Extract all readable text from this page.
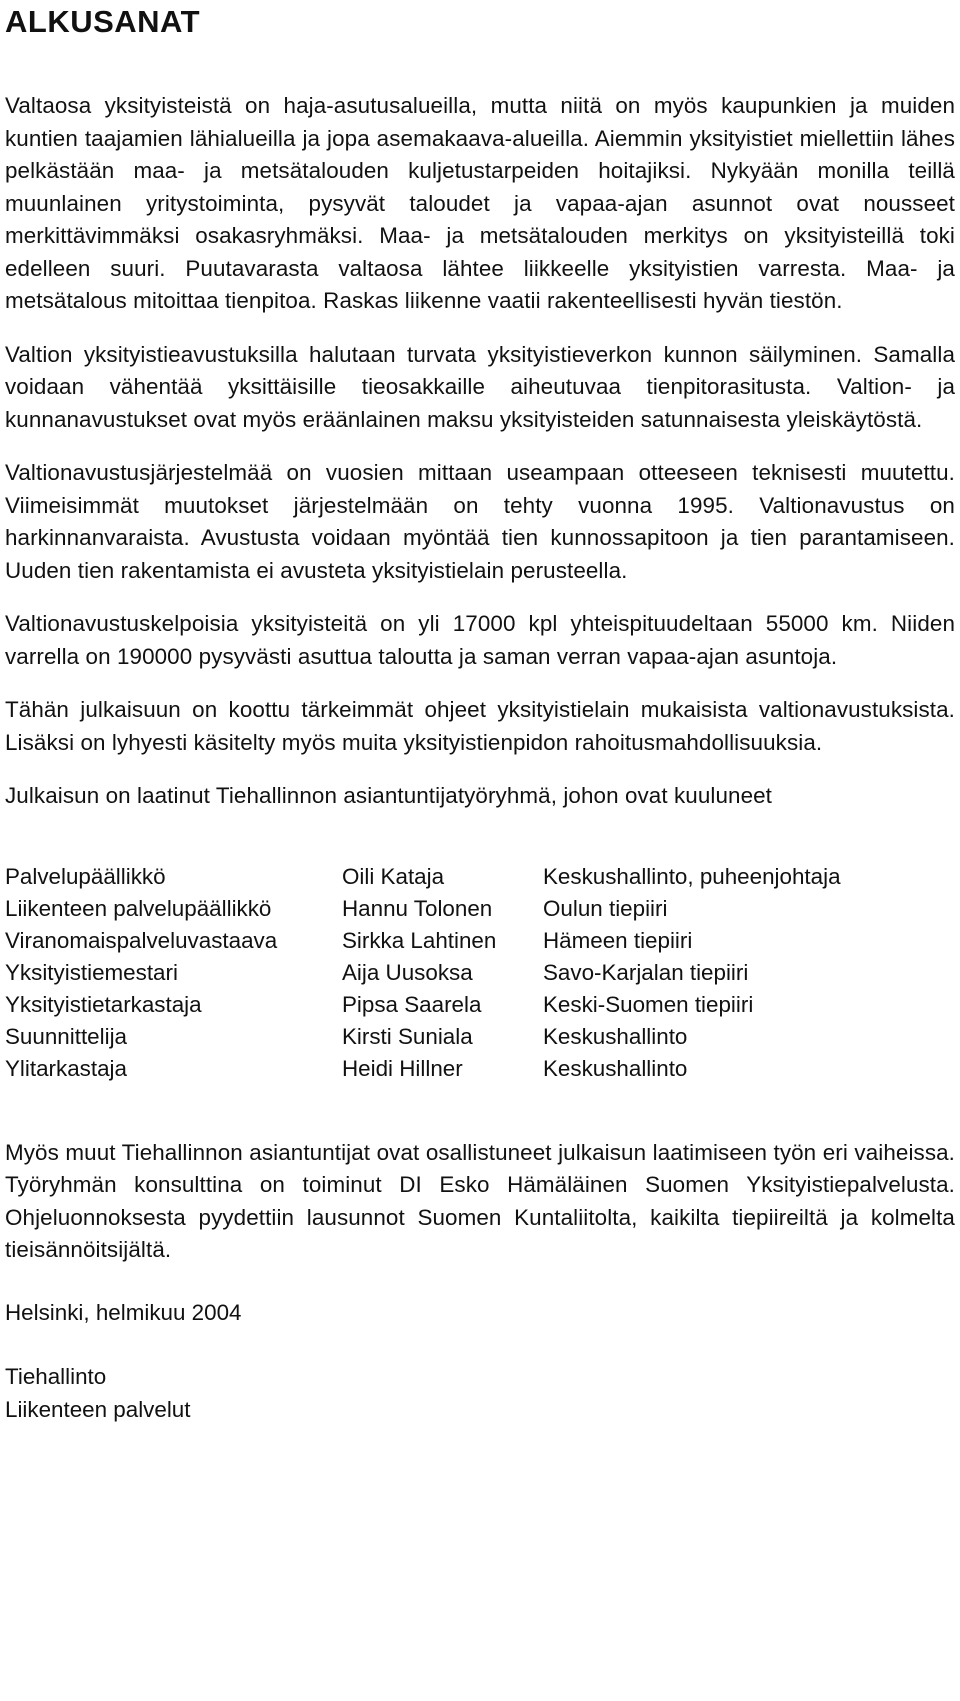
ALKUSANAT

Valtaosa yksityisteistä on haja-asutusalueilla, mutta niitä on myös kaupunkien ja muiden kuntien taajamien lähialueilla ja jopa asemakaava-alueilla. Aiemmin yksityistiet miellettiin lähes pelkästään maa- ja metsätalouden kuljetustarpeiden hoitajiksi. Nykyään monilla teillä muunlainen yritystoiminta, pysyvät taloudet ja vapaa-ajan asunnot ovat nousseet merkittävimmäksi osakasryhmäksi. Maa- ja metsätalouden merkitys on yksityisteillä toki edelleen suuri. Puutavarasta valtaosa lähtee liikkeelle yksityistien varresta. Maa- ja metsätalous mitoittaa tienpitoa. Raskas liikenne vaatii rakenteellisesti hyvän tiestön.

Valtion yksityistieavustuksilla halutaan turvata yksityistieverkon kunnon säilyminen. Samalla voidaan vähentää yksittäisille tieosakkaille aiheutuvaa tienpitorasitusta. Valtion- ja kunnanavustukset ovat myös eräänlainen maksu yksityisteiden satunnaisesta yleiskäytöstä.

Valtionavustusjärjestelmää on vuosien mittaan useampaan otteeseen teknisesti muutettu. Viimeisimmät muutokset järjestelmään on tehty vuonna 1995. Valtionavustus on harkinnanvaraista. Avustusta voidaan myöntää tien kunnossapitoon ja tien parantamiseen. Uuden tien rakentamista ei avusteta yksityistielain perusteella.

Valtionavustuskelpoisia yksityisteitä on yli 17000 kpl yhteispituudeltaan 55000 km. Niiden varrella on 190000 pysyvästi asuttua taloutta ja saman verran vapaa-ajan asuntoja.

Tähän julkaisuun on koottu tärkeimmät ohjeet yksityistielain mukaisista valtionavustuksista. Lisäksi on lyhyesti käsitelty myös muita yksityistienpidon rahoitusmahdollisuuksia.

Julkaisun on laatinut Tiehallinnon asiantuntijatyöryhmä, johon ovat kuuluneet

Palvelupäällikkö	Oili Kataja	Keskushallinto, puheenjohtaja
Liikenteen palvelupäällikkö	Hannu Tolonen	Oulun tiepiiri
Viranomaispalveluvastaava	Sirkka Lahtinen	Hämeen tiepiiri
Yksityistiemestari	Aija Uusoksa	Savo-Karjalan tiepiiri
Yksityistietarkastaja	Pipsa Saarela	Keski-Suomen tiepiiri
Suunnittelija	Kirsti Suniala	Keskushallinto
Ylitarkastaja	Heidi Hillner	Keskushallinto

Myös muut Tiehallinnon asiantuntijat ovat osallistuneet julkaisun laatimiseen työn eri vaiheissa. Työryhmän konsulttina on toiminut DI Esko Hämäläinen Suomen Yksityistiepalvelusta. Ohjeluonnoksesta pyydettiin lausunnot Suomen Kuntaliitolta, kaikilta tiepiireiltä ja kolmelta tieisännöitsijältä.

Helsinki, helmikuu 2004

Tiehallinto

Liikenteen palvelut
